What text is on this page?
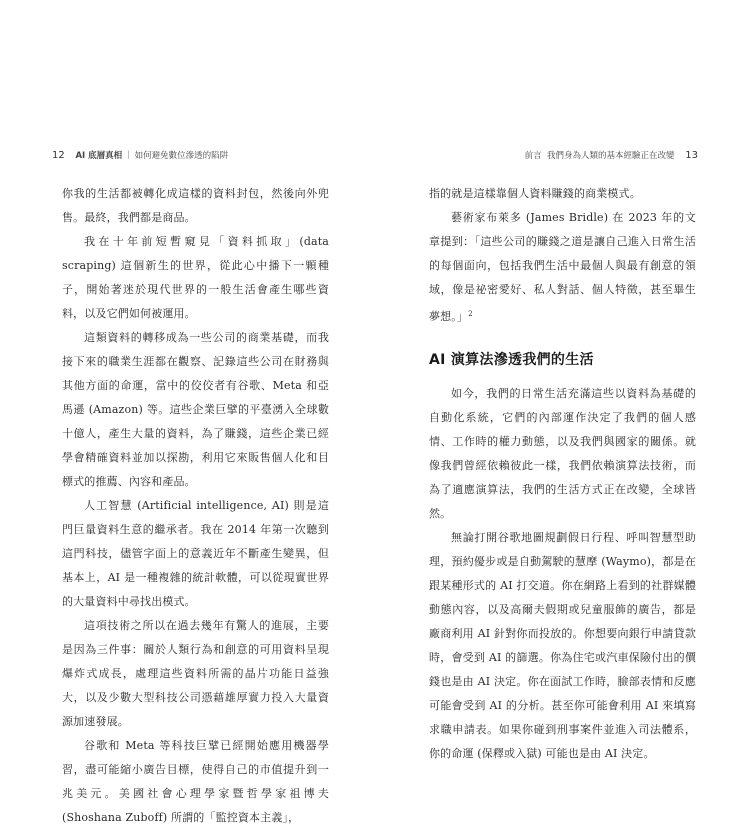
12 AI 底層真相 ｜ 如何避免數位滲透的陷阱

你我的生活都被轉化成這樣的資料封包，然後向外兜售。最終，我們都是商品。

我在十年前短暫窺見「資料抓取」(data scraping) 這個新生的世界，從此心中播下一顆種子，開始著迷於現代世界的一般生活會產生哪些資料，以及它們如何被運用。

這類資料的轉移成為一些公司的商業基礎，而我接下來的職業生涯都在觀察、記錄這些公司在財務與其他方面的命運，當中的佼佼者有谷歌、Meta 和亞馬遜 (Amazon) 等。這些企業巨擘的平臺湧入全球數十億人，產生大量的資料，為了賺錢，這些企業已經學會精確資料並加以探勘，利用它來販售個人化和目標式的推薦、內容和產品。

人工智慧 (Artificial intelligence, AI) 則是這門巨量資料生意的繼承者。我在 2014 年第一次聽到這門科技，儘管字面上的意義近年不斷產生變異，但基本上，AI 是一種複雜的統計軟體，可以從現實世界的大量資料中尋找出模式。

這項技術之所以在過去幾年有驚人的進展，主要是因為三件事：關於人類行為和創意的可用資料呈現爆炸式成長，處理這些資料所需的晶片功能日益強大，以及少數大型科技公司憑藉雄厚實力投入大量資源加速發展。

谷歌和 Meta 等科技巨擘已經開始應用機器學習，盡可能縮小廣告目標，使得自己的市值提升到一兆美元。美國社會心理學家暨哲學家祖博夫 (Shoshana Zuboff) 所謂的「監控資本主義」，

前言 我們身為人類的基本經驗正在改變 13

指的就是這樣靠個人資料賺錢的商業模式。

藝術家布萊多 (James Bridle) 在 2023 年的文章提到：「這些公司的賺錢之道是讓自己進入日常生活的每個面向，包括我們生活中最個人與最有創意的領域，像是祕密愛好、私人對話、個人特徵，甚至畢生夢想。」$^2$

AI 演算法滲透我們的生活

如今，我們的日常生活充滿這些以資料為基礎的自動化系統，它們的內部運作決定了我們的個人感情、工作時的權力動態，以及我們與國家的關係。就像我們曾經依賴彼此一樣，我們依賴演算法技術，而為了適應演算法，我們的生活方式正在改變，全球皆然。

無論打開谷歌地圖規劃假日行程、呼叫智慧型助理，預約優步或是自動駕駛的慧摩 (Waymo)，都是在跟某種形式的 AI 打交道。你在網路上看到的社群媒體動態內容，以及高爾夫假期或兒童服飾的廣告，都是廠商利用 AI 針對你而投放的。你想要向銀行申請貸款時，會受到 AI 的篩選。你為住宅或汽車保險付出的價錢也是由 AI 決定。你在面試工作時，臉部表情和反應可能會受到 AI 的分析。甚至你可能會利用 AI 來填寫求職申請表。如果你碰到刑事案件並進入司法體系，你的命運 (保釋或入獄) 可能也是由 AI 決定。
